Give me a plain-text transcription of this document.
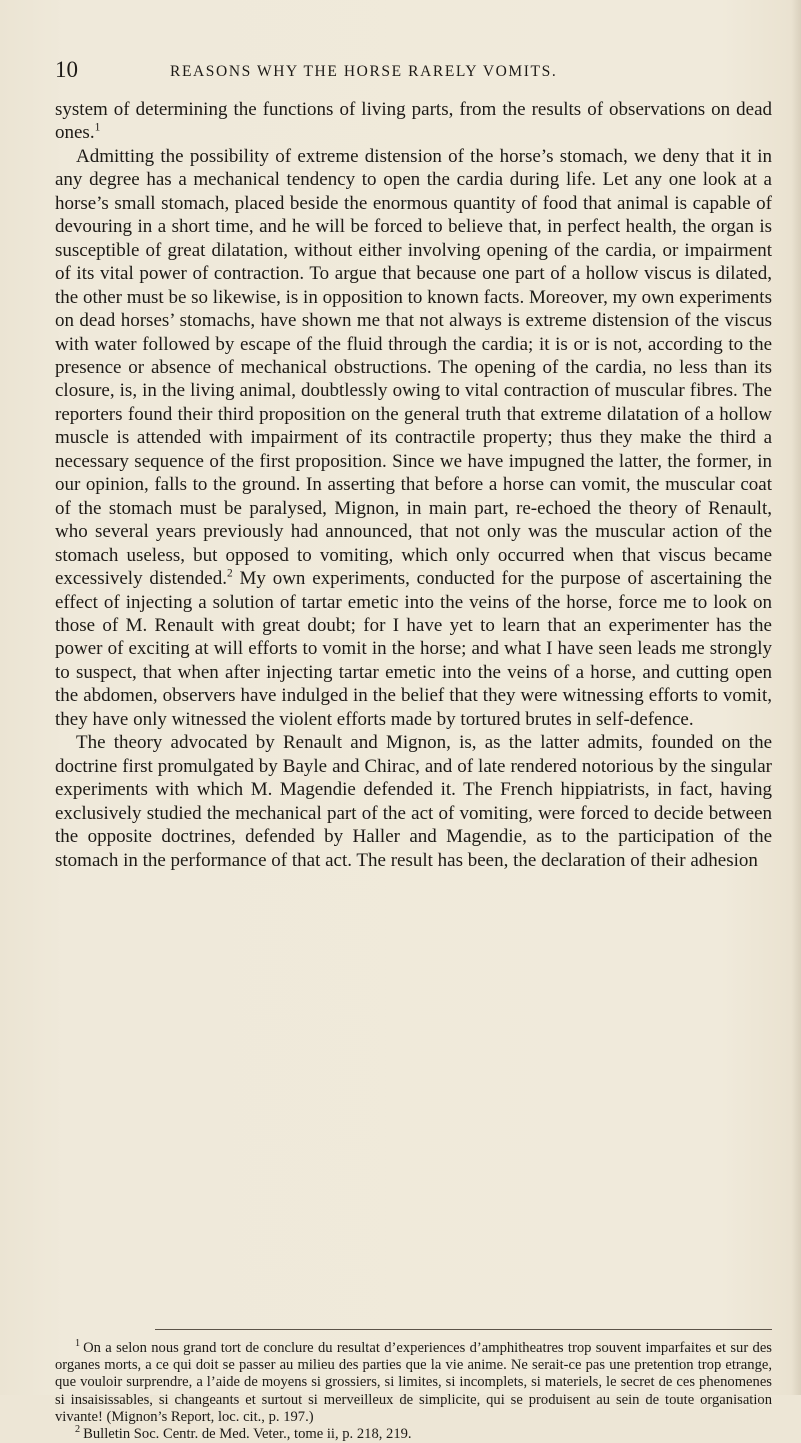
10	REASONS WHY THE HORSE RARELY VOMITS.

system of determining the functions of living parts, from the results of observations on dead ones.$^1$

Admitting the possibility of extreme distension of the horse’s stomach, we deny that it in any degree has a mechanical tendency to open the cardia during life. Let any one look at a horse’s small stomach, placed beside the enormous quantity of food that animal is capable of devouring in a short time, and he will be forced to believe that, in perfect health, the organ is susceptible of great dilatation, without either involving opening of the cardia, or impairment of its vital power of contraction. To argue that because one part of a hollow viscus is dilated, the other must be so likewise, is in opposition to known facts. Moreover, my own experiments on dead horses’ stomachs, have shown me that not always is extreme distension of the viscus with water followed by escape of the fluid through the cardia; it is or is not, according to the presence or absence of mechanical obstructions. The opening of the cardia, no less than its closure, is, in the living animal, doubtlessly owing to vital contraction of muscular fibres. The reporters found their third proposition on the general truth that extreme dilatation of a hollow muscle is attended with impairment of its contractile property; thus they make the third a necessary sequence of the first proposition. Since we have impugned the latter, the former, in our opinion, falls to the ground. In asserting that before a horse can vomit, the muscular coat of the stomach must be paralysed, Mignon, in main part, re-echoed the theory of Renault, who several years previously had announced, that not only was the muscular action of the stomach useless, but opposed to vomiting, which only occurred when that viscus became excessively distended.$^2$ My own experiments, conducted for the purpose of ascertaining the effect of injecting a solution of tartar emetic into the veins of the horse, force me to look on those of M. Renault with great doubt; for I have yet to learn that an experimenter has the power of exciting at will efforts to vomit in the horse; and what I have seen leads me strongly to suspect, that when after injecting tartar emetic into the veins of a horse, and cutting open the abdomen, observers have indulged in the belief that they were witnessing efforts to vomit, they have only witnessed the violent efforts made by tortured brutes in self-defence.

The theory advocated by Renault and Mignon, is, as the latter admits, founded on the doctrine first promulgated by Bayle and Chirac, and of late rendered notorious by the singular experiments with which M. Magendie defended it. The French hippiatrists, in fact, having exclusively studied the mechanical part of the act of vomiting, were forced to decide between the opposite doctrines, defended by Haller and Magendie, as to the participation of the stomach in the performance of that act. The result has been, the declaration of their adhesion

$^1$ On a selon nous grand tort de conclure du resultat d’experiences d’amphitheatres trop souvent imparfaites et sur des organes morts, a ce qui doit se passer au milieu des parties que la vie anime. Ne serait-ce pas une pretention trop etrange, que vouloir surprendre, a l’aide de moyens si grossiers, si limites, si incomplets, si materiels, le secret de ces phenomenes si insaisissables, si changeants et surtout si merveilleux de simplicite, qui se produisent au sein de toute organisation vivante! (Mignon’s Report, loc. cit., p. 197.)

$^2$ Bulletin Soc. Centr. de Med. Veter., tome ii, p. 218, 219.
